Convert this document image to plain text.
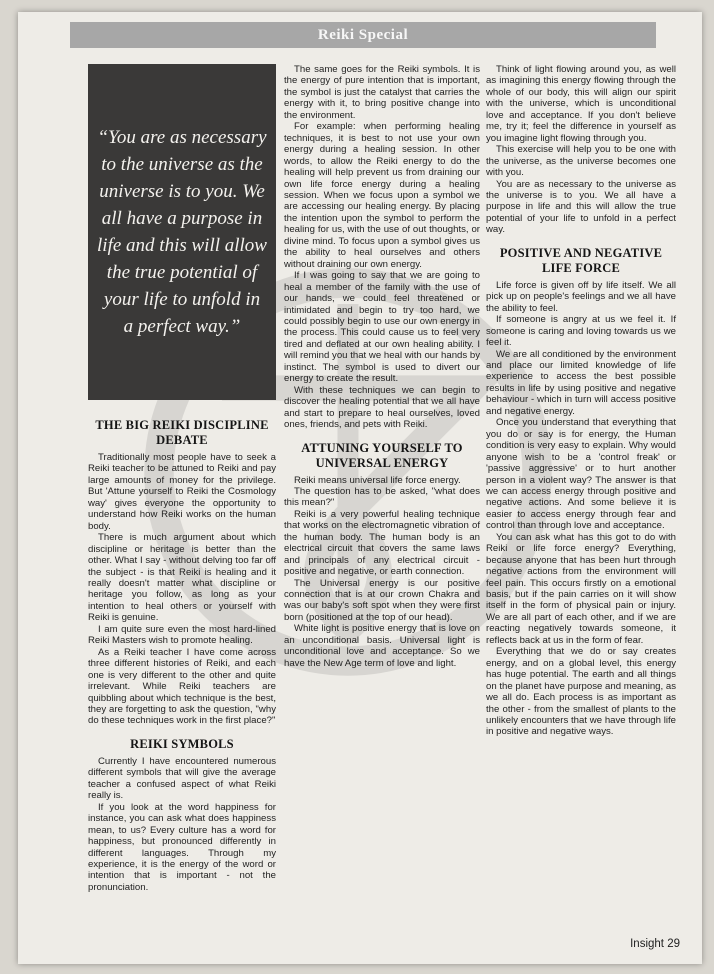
Reiki Special
“You are as necessary to the universe as the universe is to you. We all have a purpose in life and this will allow the true potential of your life to unfold in a perfect way.”
THE BIG REIKI DISCIPLINE DEBATE

Traditionally most people have to seek a Reiki teacher to be attuned to Reiki and pay large amounts of money for the privilege. But 'Attune yourself to Reiki the Cosmology way' gives everyone the opportunity to understand how Reiki works on the human body.

There is much argument about which discipline or heritage is better than the other. What I say - without delving too far off the subject - is that Reiki is healing and it really doesn't matter what discipline or heritage you follow, as long as your intention to heal others or yourself with Reiki is genuine.

I am quite sure even the most hard-lined Reiki Masters wish to promote healing.

As a Reiki teacher I have come across three different histories of Reiki, and each one is very different to the other and quite irrelevant. While Reiki teachers are quibbling about which technique is the best, they are forgetting to ask the question, "why do these techniques work in the first place?"

REIKI SYMBOLS

Currently I have encountered numerous different symbols that will give the average teacher a confused aspect of what Reiki really is.

If you look at the word happiness for instance, you can ask what does happiness mean, to us? Every culture has a word for happiness, but pronounced differently in different languages. Through my experience, it is the energy of the word or intention that is important - not the pronunciation.

The same goes for the Reiki symbols. It is the energy of pure intention that is important, the symbol is just the catalyst that carries the energy with it, to bring positive change into the environment.

For example: when performing healing techniques, it is best to not use your own energy during a healing session. In other words, to allow the Reiki energy to do the healing will help prevent us from draining our own life force energy during a healing session. When we focus upon a symbol we are accessing our healing energy. By placing the intention upon the symbol to perform the healing for us, with the use of out thoughts, or divine mind. To focus upon a symbol gives us the ability to heal ourselves and others without draining our own energy.

If I was going to say that we are going to heal a member of the family with the use of our hands, we could feel threatened or intimidated and begin to try too hard, we could possibly begin to use our own energy in the process. This could cause us to feel very tired and deflated at our own healing ability. I will remind you that we heal with our hands by instinct. The symbol is used to divert our energy to create the result.

With these techniques we can begin to discover the healing potential that we all have and start to prepare to heal ourselves, loved ones, friends, and pets with Reiki.

ATTUNING YOURSELF TO UNIVERSAL ENERGY

Reiki means universal life force energy.

The question has to be asked, "what does this mean?"

Reiki is a very powerful healing technique that works on the electromagnetic vibration of the human body. The human body is an electrical circuit that covers the same laws and principals of any electrical circuit - positive and negative, or earth connection.

The Universal energy is our positive connection that is at our crown Chakra and was our baby's soft spot when they were first born (positioned at the top of our head).

White light is positive energy that is love on an unconditional basis. Universal light is unconditional love and acceptance. So we have the New Age term of love and light.

Think of light flowing around you, as well as imagining this energy flowing through the whole of our body, this will align our spirit with the universe, which is unconditional love and acceptance. If you don't believe me, try it; feel the difference in yourself as you imagine light flowing through you.

This exercise will help you to be one with the universe, as the universe becomes one with you.

You are as necessary to the universe as the universe is to you. We all have a purpose in life and this will allow the true potential of your life to unfold in a perfect way.

POSITIVE AND NEGATIVE LIFE FORCE

Life force is given off by life itself. We all pick up on people's feelings and we all have the ability to feel.

If someone is angry at us we feel it. If someone is caring and loving towards us we feel it.

We are all conditioned by the environment and place our limited knowledge of life experience to access the best possible results in life by using positive and negative behaviour - which in turn will access positive and negative energy.

Once you understand that everything that you do or say is for energy, the Human condition is very easy to explain. Why would anyone wish to be a 'control freak' or 'passive aggressive' or to hurt another person in a violent way? The answer is that we can access energy through positive and negative actions. And some believe it is easier to access energy through fear and control than through love and acceptance.

You can ask what has this got to do with Reiki or life force energy? Everything, because anyone that has been hurt through negative actions from the environment will feel pain. This occurs firstly on a emotional basis, but if the pain carries on it will show itself in the form of physical pain or injury. We are all part of each other, and if we are reacting negatively towards someone, it reflects back at us in the form of fear.

Everything that we do or say creates energy, and on a global level, this energy has huge potential. The earth and all things on the planet have purpose and meaning, as we all do. Each process is as important as the other - from the smallest of plants to the unlikely encounters that we have through life in positive and negative ways.

Insight 29
